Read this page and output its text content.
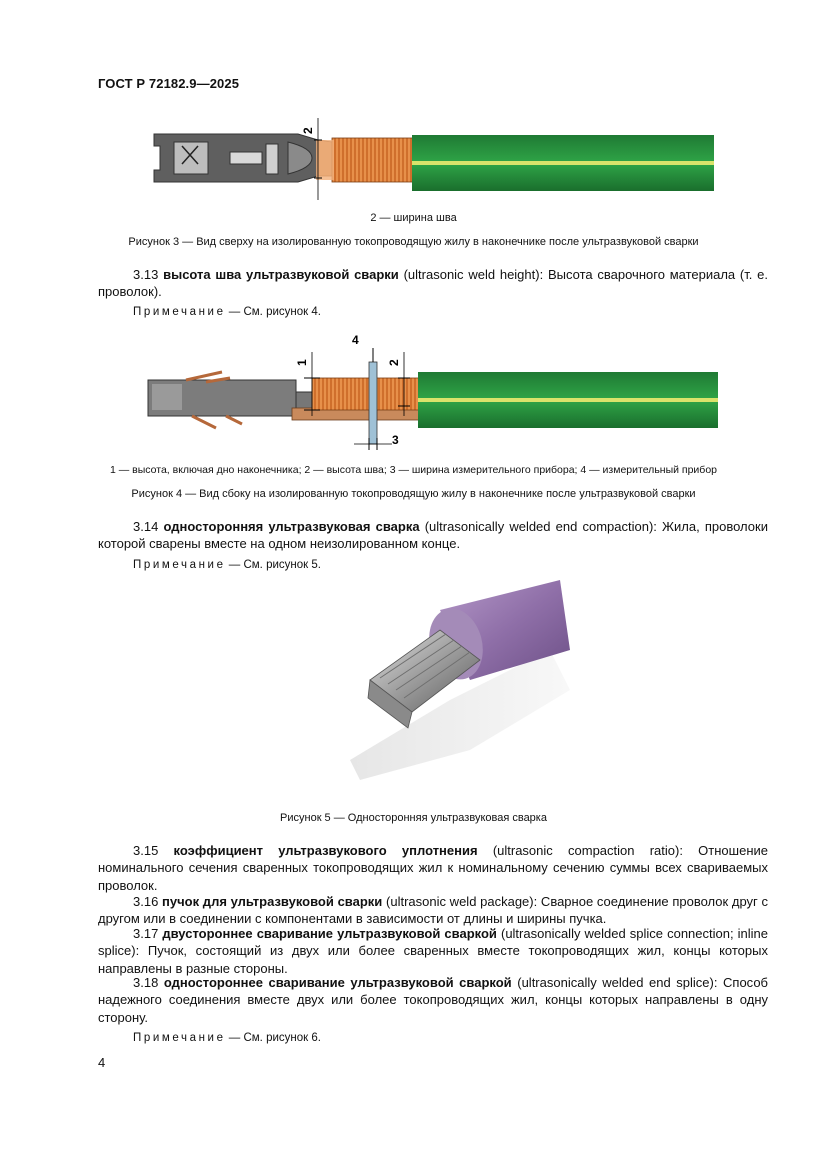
ГОСТ Р 72182.9—2025
2
2 — ширина шва
Рисунок 3 — Вид сверху на изолированную токопроводящую жилу в наконечнике после ультразвуковой сварки
3.13 высота шва ультразвуковой сварки (ultrasonic weld height): Высота сварочного материала (т. е. проволок).
Примечание — См. рисунок 4.
4
1	2
3
1 — высота, включая дно наконечника; 2 — высота шва; 3 — ширина измерительного прибора; 4 — измерительный прибор
Рисунок 4 — Вид сбоку на изолированную токопроводящую жилу в наконечнике после ультразвуковой сварки
3.14 односторонняя ультразвуковая сварка (ultrasonically welded end compaction): Жила, проволоки которой сварены вместе на одном неизолированном конце.
Примечание — См. рисунок 5.
Рисунок 5 — Односторонняя ультразвуковая сварка
3.15 коэффициент ультразвукового уплотнения (ultrasonic compaction ratio): Отношение номинального сечения сваренных токопроводящих жил к номинальному сечению суммы всех свариваемых проволок.
3.16 пучок для ультразвуковой сварки (ultrasonic weld package): Сварное соединение проволок друг с другом или в соединении с компонентами в зависимости от длины и ширины пучка.
3.17 двустороннее сваривание ультразвуковой сваркой (ultrasonically welded splice connection; inline splice): Пучок, состоящий из двух или более сваренных вместе токопроводящих жил, концы которых направлены в разные стороны.
3.18 одностороннее сваривание ультразвуковой сваркой (ultrasonically welded end splice): Способ надежного соединения вместе двух или более токопроводящих жил, концы которых направлены в одну сторону.
Примечание — См. рисунок 6.
4
